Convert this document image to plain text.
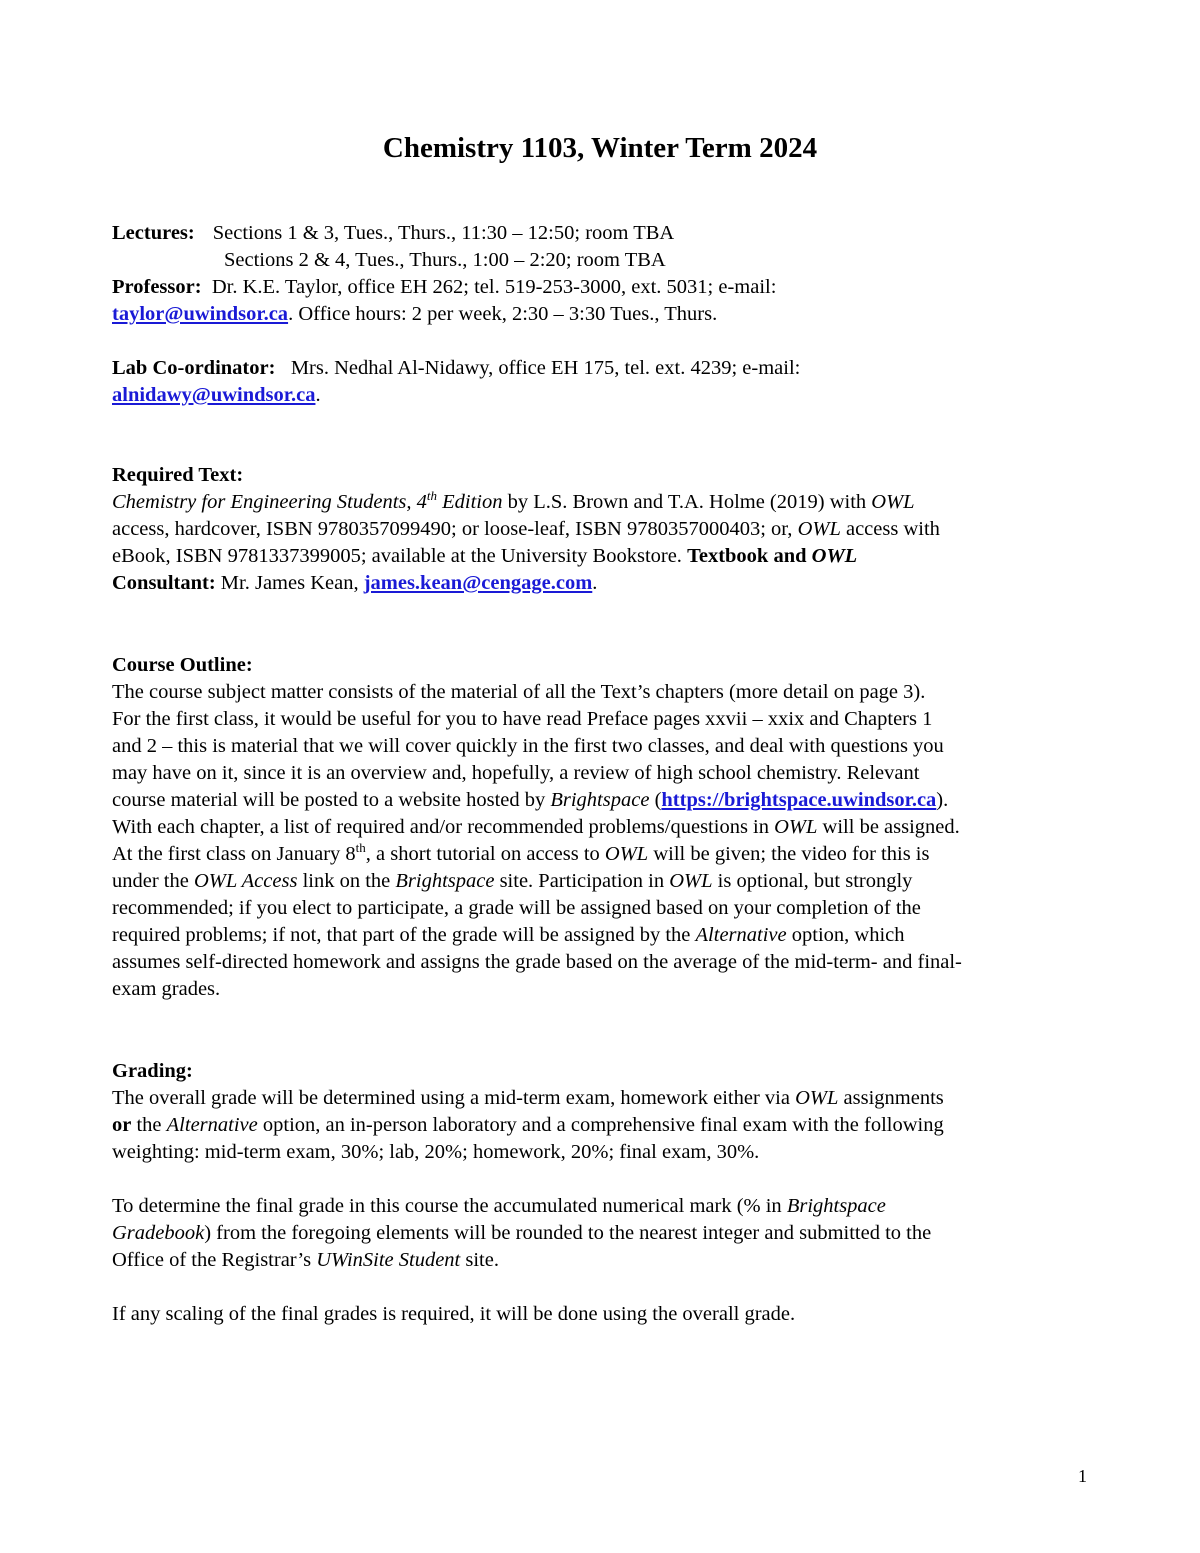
Chemistry 1103, Winter Term 2024
Lectures: Sections 1 & 3, Tues., Thurs., 11:30 – 12:50; room TBA
Sections 2 & 4, Tues., Thurs., 1:00 – 2:20; room TBA
Professor: Dr. K.E. Taylor, office EH 262; tel. 519-253-3000, ext. 5031; e-mail:
taylor@uwindsor.ca. Office hours: 2 per week, 2:30 – 3:30 Tues., Thurs.
Lab Co-ordinator: Mrs. Nedhal Al-Nidawy, office EH 175, tel. ext. 4239; e-mail:
alnidawy@uwindsor.ca.
Required Text:
Chemistry for Engineering Students, 4th Edition by L.S. Brown and T.A. Holme (2019) with OWL
access, hardcover, ISBN 9780357099490; or loose-leaf, ISBN 9780357000403; or, OWL access with
eBook, ISBN 9781337399005; available at the University Bookstore. Textbook and OWL
Consultant: Mr. James Kean, james.kean@cengage.com.
Course Outline:
The course subject matter consists of the material of all the Text’s chapters (more detail on page 3).
For the first class, it would be useful for you to have read Preface pages xxvii – xxix and Chapters 1
and 2 – this is material that we will cover quickly in the first two classes, and deal with questions you
may have on it, since it is an overview and, hopefully, a review of high school chemistry. Relevant
course material will be posted to a website hosted by Brightspace (https://brightspace.uwindsor.ca).
With each chapter, a list of required and/or recommended problems/questions in OWL will be assigned.
At the first class on January 8th, a short tutorial on access to OWL will be given; the video for this is
under the OWL Access link on the Brightspace site. Participation in OWL is optional, but strongly
recommended; if you elect to participate, a grade will be assigned based on your completion of the
required problems; if not, that part of the grade will be assigned by the Alternative option, which
assumes self-directed homework and assigns the grade based on the average of the mid-term- and final-
exam grades.
Grading:
The overall grade will be determined using a mid-term exam, homework either via OWL assignments
or the Alternative option, an in-person laboratory and a comprehensive final exam with the following
weighting: mid-term exam, 30%; lab, 20%; homework, 20%; final exam, 30%.
To determine the final grade in this course the accumulated numerical mark (% in Brightspace
Gradebook) from the foregoing elements will be rounded to the nearest integer and submitted to the
Office of the Registrar’s UWinSite Student site.
If any scaling of the final grades is required, it will be done using the overall grade.
1
